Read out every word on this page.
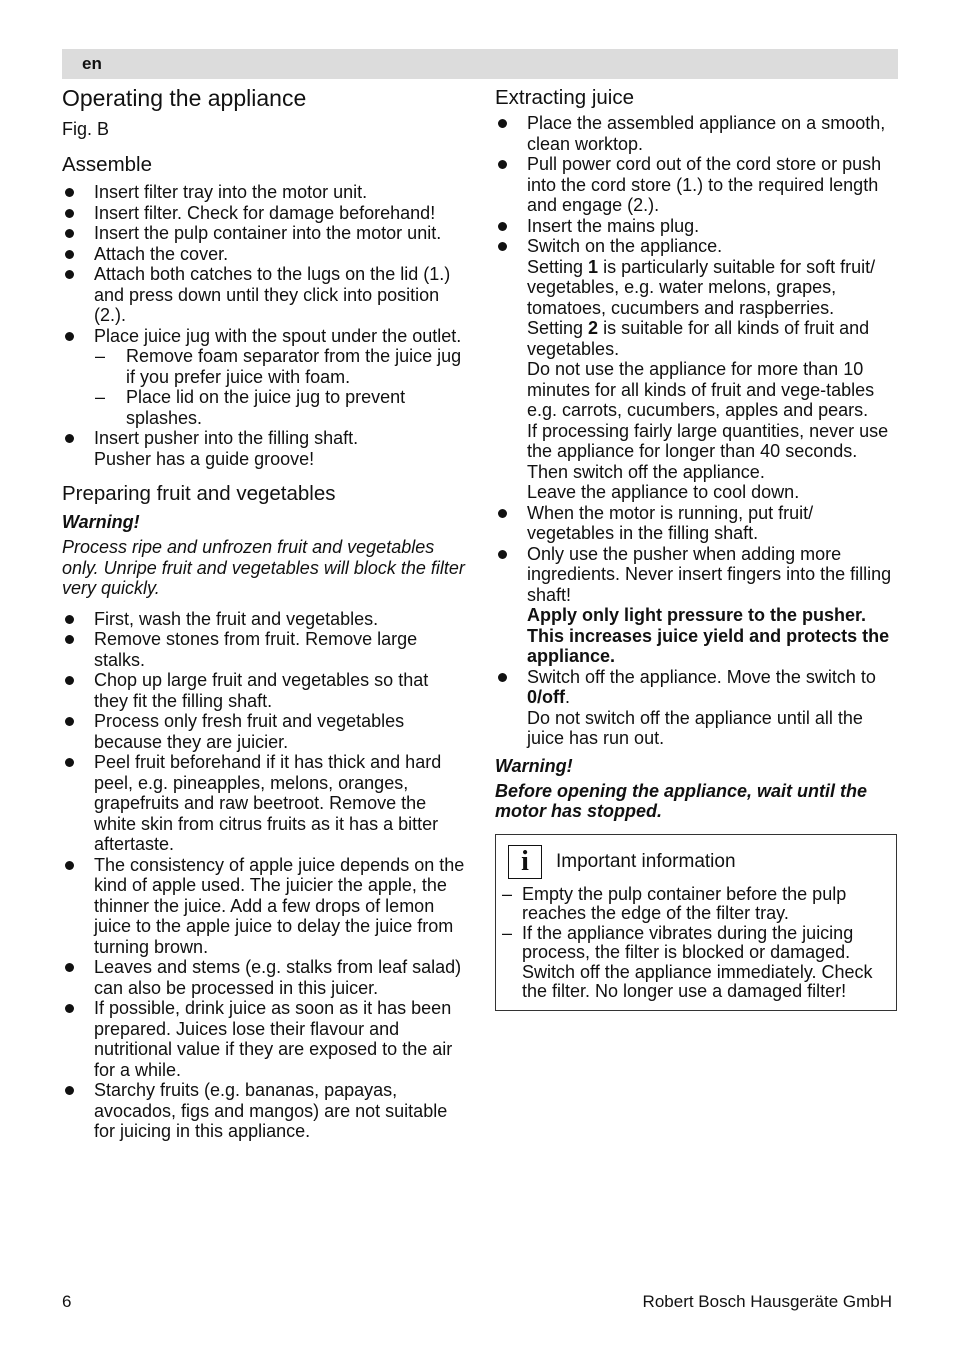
en
Operating the appliance
Fig. B
Assemble

Insert filter tray into the motor unit.

Insert filter. Check for damage beforehand!

Insert the pulp container into the motor unit.

Attach the cover.

Attach both catches to the lugs on the lid (1.) and press down until they click into position (2.).

Place juice jug with the spout under the outlet.

– Remove foam separator from the juice jug if you prefer juice with foam.

– Place lid on the juice jug to prevent splashes.

Insert pusher into the filling shaft.

Pusher has a guide groove!

Preparing fruit and vegetables
Warning!
Process ripe and unfrozen fruit and vegetables only. Unripe fruit and vegetables will block the filter very quickly.

First, wash the fruit and vegetables.

Remove stones from fruit. Remove large stalks.

Chop up large fruit and vegetables so that they fit the filling shaft.

Process only fresh fruit and vegetables because they are juicier.

Peel fruit beforehand if it has thick and hard peel, e.g. pineapples, melons, oranges, grapefruits and raw beetroot. Remove the white skin from citrus fruits as it has a bitter aftertaste.

The consistency of apple juice depends on the kind of apple used. The juicier the apple, the thinner the juice. Add a few drops of lemon juice to the apple juice to delay the juice from turning brown.

Leaves and stems (e.g. stalks from leaf salad) can also be processed in this juicer.

If possible, drink juice as soon as it has been prepared. Juices lose their flavour and nutritional value if they are exposed to the air for a while.

Starchy fruits (e.g. bananas, papayas, avocados, figs and mangos) are not suitable for juicing in this appliance.

Extracting juice

Place the assembled appliance on a smooth, clean worktop.

Pull power cord out of the cord store or push into the cord store (1.) to the required length and engage (2.).

Insert the mains plug.

Switch on the appliance.

Setting 1 is particularly suitable for soft fruit/ vegetables, e.g. water melons, grapes, tomatoes, cucumbers and raspberries.

Setting 2 is suitable for all kinds of fruit and vegetables.

Do not use the appliance for more than 10 minutes for all kinds of fruit and vege-tables e.g. carrots, cucumbers, apples and pears.

If processing fairly large quantities, never use the appliance for longer than 40 seconds. Then switch off the appliance.

Leave the appliance to cool down.

When the motor is running, put fruit/ vegetables in the filling shaft.

Only use the pusher when adding more ingredients. Never insert fingers into the filling shaft!

Apply only light pressure to the pusher. This increases juice yield and protects the appliance.

Switch off the appliance. Move the switch to 0/off.

Do not switch off the appliance until all the juice has run out.

Warning!
Before opening the appliance, wait until the motor has stopped.
i	Important information
– Empty the pulp container before the pulp reaches the edge of the filter tray.
– If the appliance vibrates during the juicing process, the filter is blocked or damaged. Switch off the appliance immediately. Check the filter. No longer use a damaged filter!
6	Robert Bosch Hausgeräte GmbH
